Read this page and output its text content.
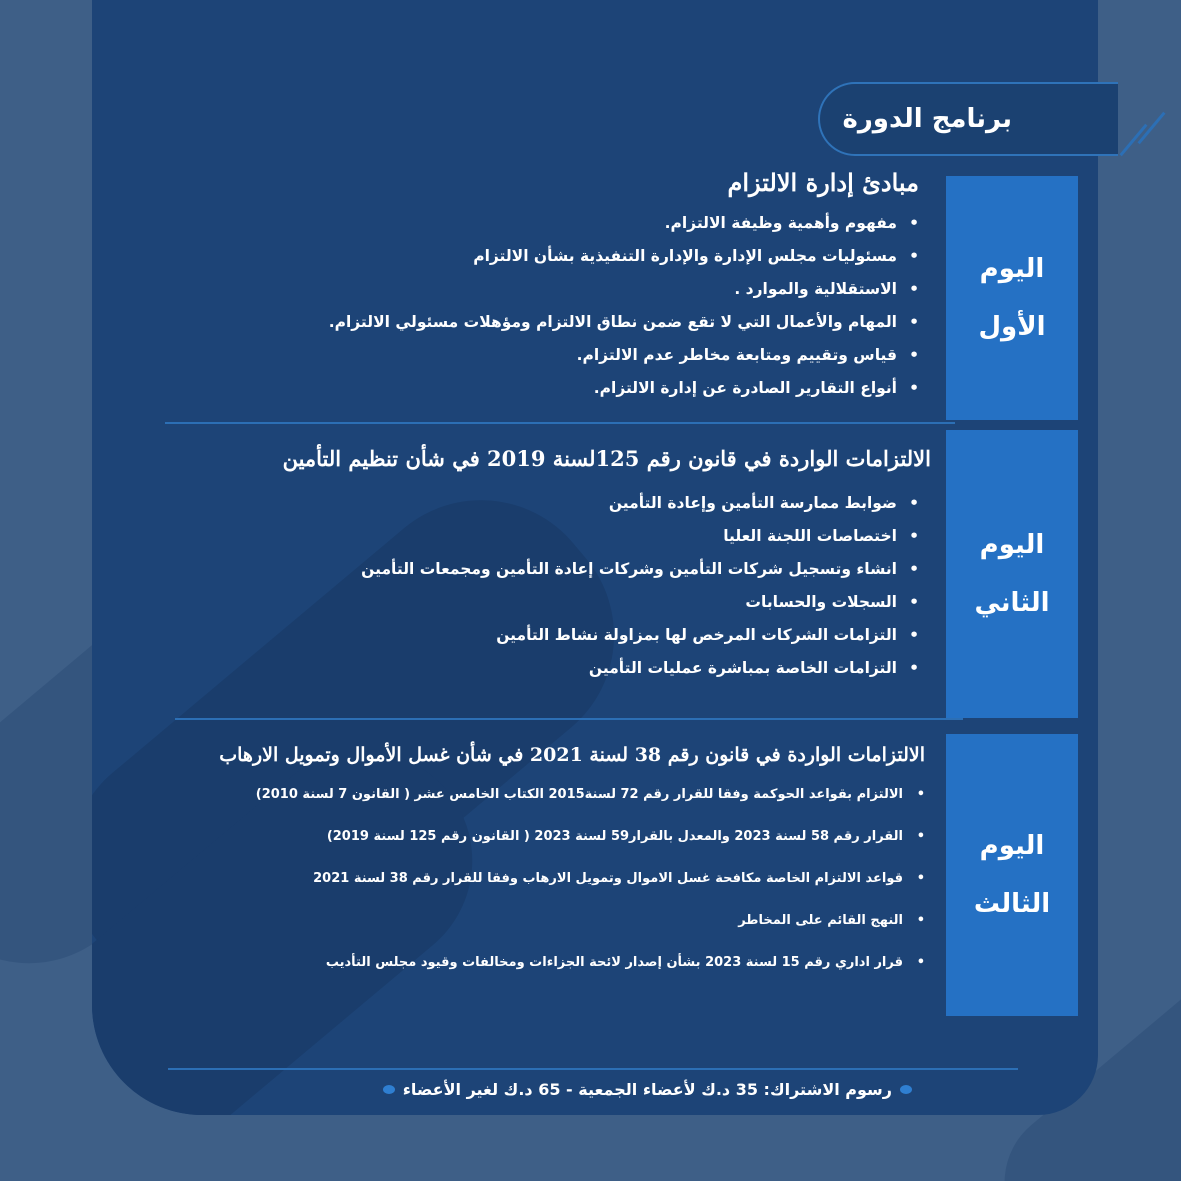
برنامج الدورة
اليوم
الأول
مبادئ إدارة الالتزام
• مفهوم وأهمية وظيفة الالتزام.
• مسئوليات مجلس الإدارة والإدارة التنفيذية بشأن الالتزام
• الاستقلالية والموارد .
• المهام والأعمال التي لا تقع ضمن نطاق الالتزام ومؤهلات مسئولي الالتزام.
• قياس وتقييم ومتابعة مخاطر عدم الالتزام.
• أنواع التقارير الصادرة عن إدارة الالتزام.
اليوم
الثاني
الالتزامات الواردة في قانون رقم 125لسنة 2019 في شأن تنظيم التأمين
• ضوابط ممارسة التأمين وإعادة التأمين
• اختصاصات اللجنة العليا
• انشاء وتسجيل شركات التأمين وشركات إعادة التأمين ومجمعات التأمين
• السجلات والحسابات
• التزامات الشركات المرخص لها بمزاولة نشاط التأمين
• التزامات الخاصة بمباشرة عمليات التأمين
اليوم
الثالث
الالتزامات الواردة في قانون رقم 38 لسنة 2021 في شأن غسل الأموال وتمويل الارهاب
• الالتزام بقواعد الحوكمة وفقا للقرار رقم 72 لسنة2015 الكتاب الخامس عشر ( القانون 7 لسنة 2010)
• القرار رقم 58 لسنة 2023 والمعدل بالقرار59 لسنة 2023 ( القانون رقم 125 لسنة 2019)
• قواعد الالتزام الخاصة مكافحة غسل الاموال وتمويل الارهاب وفقا للقرار رقم 38 لسنة 2021
• النهج القائم على المخاطر
• قرار اداري رقم 15 لسنة 2023 بشأن إصدار لائحة الجزاءات ومخالفات وقيود مجلس التأديب
رسوم الاشتراك: 35 د.ك لأعضاء الجمعية - 65 د.ك لغير الأعضاء
